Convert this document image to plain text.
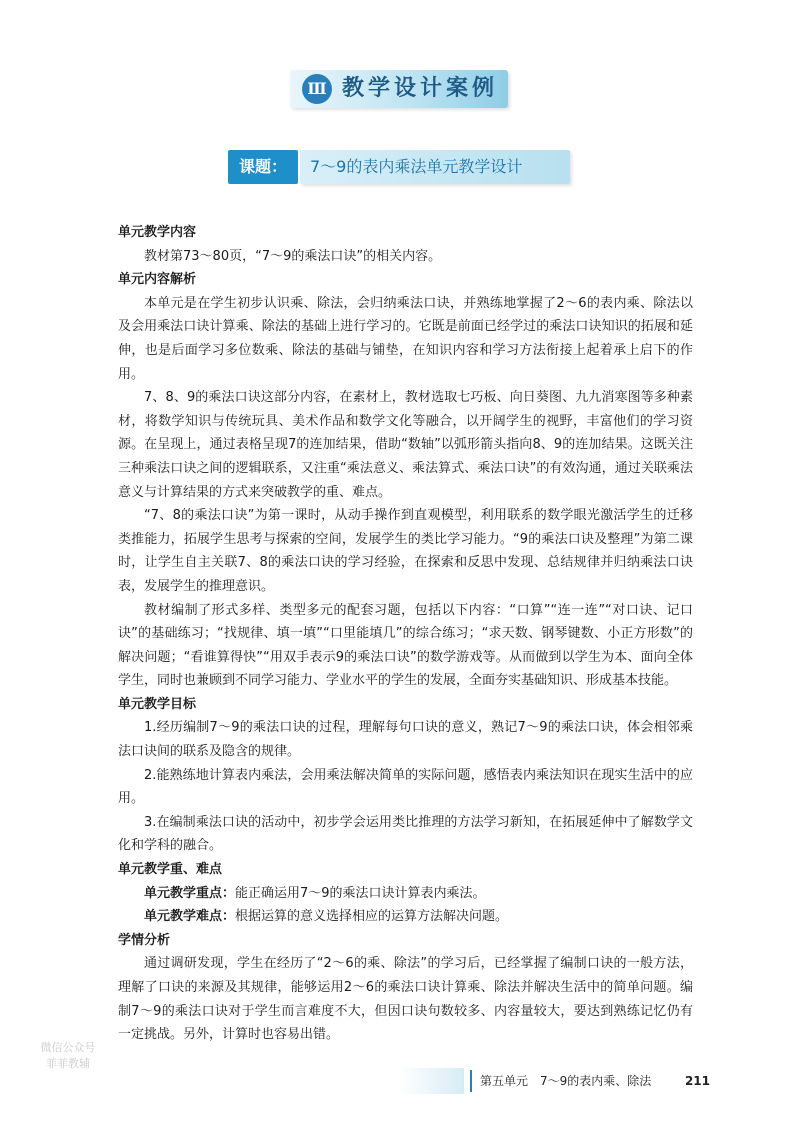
Ⅲ 教学设计案例
课题：	7～9的表内乘法单元教学设计

单元教学内容

教材第73～80页，“7～9的乘法口诀”的相关内容。

单元内容解析

本单元是在学生初步认识乘、除法，会归纳乘法口诀，并熟练地掌握了2～6的表内乘、除法以及会用乘法口诀计算乘、除法的基础上进行学习的。它既是前面已经学过的乘法口诀知识的拓展和延伸，也是后面学习多位数乘、除法的基础与铺垫，在知识内容和学习方法衔接上起着承上启下的作用。

7、8、9的乘法口诀这部分内容，在素材上，教材选取七巧板、向日葵图、九九消寒图等多种素材，将数学知识与传统玩具、美术作品和数学文化等融合，以开阔学生的视野，丰富他们的学习资源。在呈现上，通过表格呈现7的连加结果，借助“数轴”以弧形箭头指向8、9的连加结果。这既关注三种乘法口诀之间的逻辑联系，又注重“乘法意义、乘法算式、乘法口诀”的有效沟通，通过关联乘法意义与计算结果的方式来突破教学的重、难点。

“7、8的乘法口诀”为第一课时，从动手操作到直观模型，利用联系的数学眼光激活学生的迁移类推能力，拓展学生思考与探索的空间，发展学生的类比学习能力。“9的乘法口诀及整理”为第二课时，让学生自主关联7、8的乘法口诀的学习经验，在探索和反思中发现、总结规律并归纳乘法口诀表，发展学生的推理意识。

教材编制了形式多样、类型多元的配套习题，包括以下内容：“口算”“连一连”“对口诀、记口诀”的基础练习；“找规律、填一填”“口里能填几”的综合练习；“求天数、钢琴键数、小正方形数”的解决问题；“看谁算得快”“用双手表示9的乘法口诀”的数学游戏等。从而做到以学生为本、面向全体学生，同时也兼顾到不同学习能力、学业水平的学生的发展，全面夯实基础知识、形成基本技能。

单元教学目标

1.经历编制7～9的乘法口诀的过程，理解每句口诀的意义，熟记7～9的乘法口诀，体会相邻乘法口诀间的联系及隐含的规律。

2.能熟练地计算表内乘法，会用乘法解决简单的实际问题，感悟表内乘法知识在现实生活中的应用。

3.在编制乘法口诀的活动中，初步学会运用类比推理的方法学习新知，在拓展延伸中了解数学文化和学科的融合。

单元教学重、难点

单元教学重点：能正确运用7～9的乘法口诀计算表内乘法。

单元教学难点：根据运算的意义选择相应的运算方法解决问题。

学情分析

通过调研发现，学生在经历了“2～6的乘、除法”的学习后，已经掌握了编制口诀的一般方法，理解了口诀的来源及其规律，能够运用2～6的乘法口诀计算乘、除法并解决生活中的简单问题。编制7～9的乘法口诀对于学生而言难度不大，但因口诀句数较多、内容量较大，要达到熟练记忆仍有一定挑战。另外，计算时也容易出错。

第五单元　7～9的表内乘、除法	211
微信公众号
菲菲教辅
